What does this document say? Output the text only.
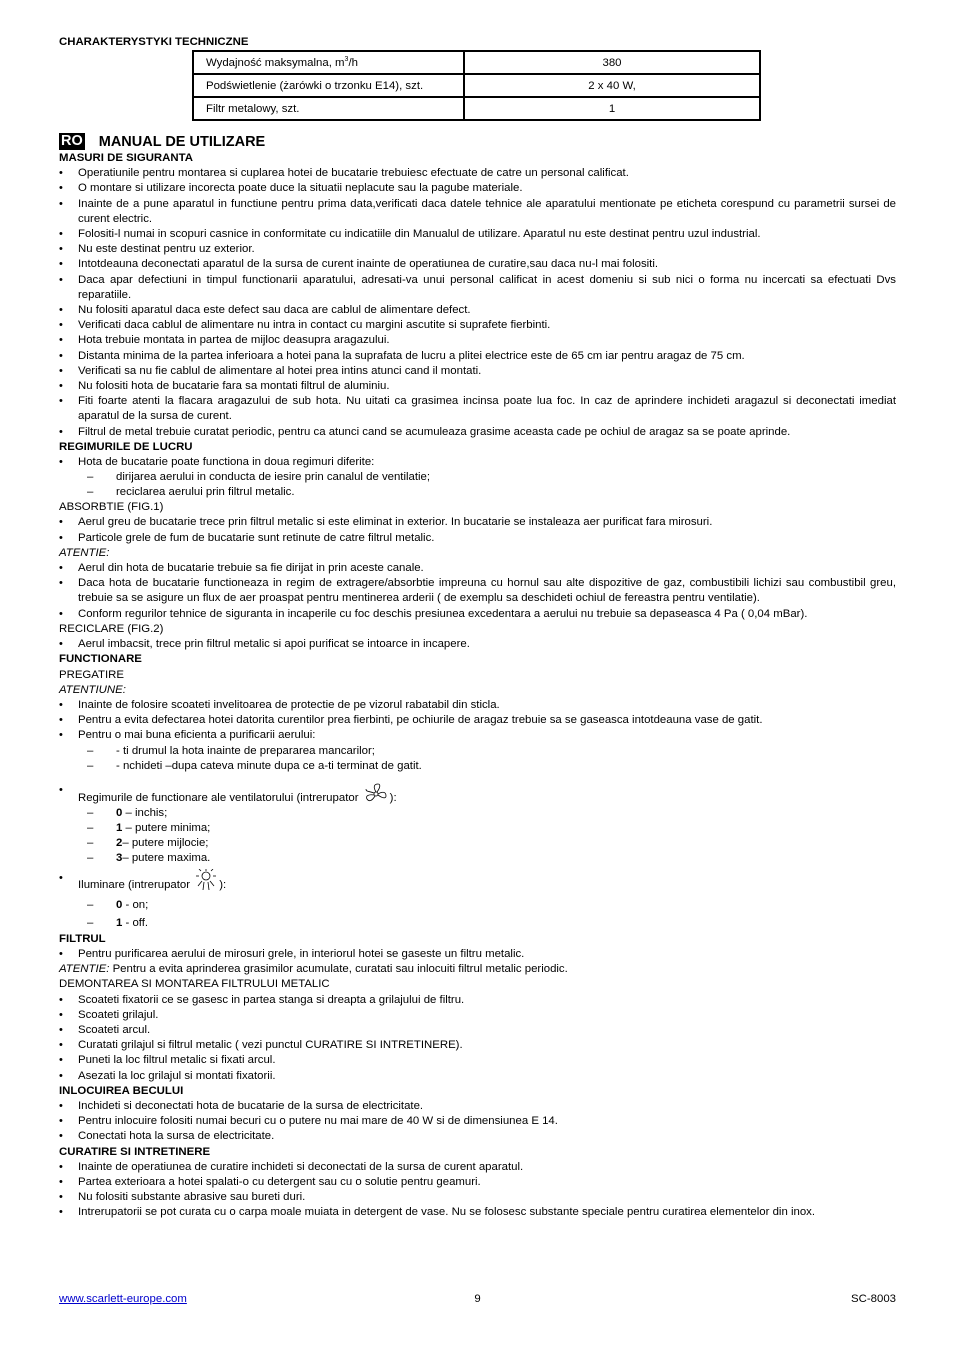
CHARAKTERYSTYKI TECHNICZNE
Wydajność maksymalna, $m^3/h$	380
Podświetlenie (żarówki o trzonku E14), szt.	2 x 40 W,
Filtr metalowy, szt.	1
RO MANUAL DE UTILIZARE
MASURI DE SIGURANTA
• Operatiunile pentru montarea si cuplarea hotei de bucatarie trebuiesc efectuate de catre un personal calificat.
• O montare si utilizare incorecta poate duce la situatii neplacute sau la pagube materiale.
• Inainte de a pune aparatul in functiune pentru prima data,verificati daca datele tehnice ale aparatului mentionate pe eticheta corespund cu parametrii sursei de curent electric.
• Folositi-l numai in scopuri casnice in conformitate cu indicatiile din Manualul de utilizare. Aparatul nu este destinat pentru uzul industrial.
• Nu este destinat pentru uz exterior.
• Intotdeauna deconectati aparatul de la sursa de curent inainte de operatiunea de curatire,sau daca nu-l mai folositi.
• Daca apar defectiuni in timpul functionarii aparatului, adresati-va unui personal calificat in acest domeniu si sub nici o forma nu incercati sa efectuati Dvs reparatiile.
• Nu folositi aparatul daca este defect sau daca are cablul de alimentare defect.
• Verificati daca cablul de alimentare nu intra in contact cu margini ascutite si suprafete fierbinti.
• Hota trebuie montata in partea de mijloc deasupra aragazului.
• Distanta minima de la partea inferioara a hotei pana la suprafata de lucru a plitei electrice este de 65 cm iar pentru aragaz de 75 cm.
• Verificati sa nu fie cablul de alimentare al hotei prea intins atunci cand il montati.
• Nu folositi hota de bucatarie fara sa montati filtrul de aluminiu.
• Fiti foarte atenti la flacara aragazului de sub hota. Nu uitati ca grasimea incinsa poate lua foc. In caz de aprindere inchideti aragazul si deconectati imediat aparatul de la sursa de curent.
• Filtrul de metal trebuie curatat periodic, pentru ca atunci cand se acumuleaza grasime aceasta cade pe ochiul de aragaz sa se poate aprinde.
REGIMURILE DE LUCRU
• Hota de bucatarie poate functiona in doua regimuri diferite:
– dirijarea aerului in conducta de iesire prin canalul de ventilatie;
– reciclarea aerului prin filtrul metalic.
ABSORBTIE (FIG.1)
• Aerul greu de bucatarie trece prin filtrul metalic si este eliminat in exterior. In bucatarie se instaleaza aer purificat fara mirosuri.
• Particole grele de fum de bucatarie sunt retinute de catre filtrul metalic.
ATENTIE:
• Aerul din hota de bucatarie trebuie sa fie dirijat in prin aceste canale.
• Daca hota de bucatarie functioneaza in regim de extragere/absorbtie impreuna cu hornul sau alte dispozitive de gaz, combustibili lichizi sau combustibil greu, trebuie sa se asigure un flux de aer proaspat pentru mentinerea arderii ( de exemplu sa deschideti ochiul de fereastra pentru ventilatie).
• Conform regurilor tehnice de siguranta in incaperile cu foc deschis presiunea excedentara a aerului nu trebuie sa depaseasca 4 Pa ( 0,04 mBar).
RECICLARE (FIG.2)
• Aerul imbacsit, trece prin filtrul metalic si apoi purificat se intoarce in incapere.
FUNCTIONARE
PREGATIRE
ATENTIUNE:
• Inainte de folosire scoateti invelitoarea de protectie de pe vizorul rabatabil din sticla.
• Pentru a evita defectarea hotei datorita curentilor prea fierbinti, pe ochiurile de aragaz trebuie sa se gaseasca intotdeauna vase de gatit.
• Pentru o mai buna eficienta a purificarii aerului:
– - ti drumul la hota inainte de prepararea mancarilor;
– - nchideti –dupa cateva minute dupa ce a-ti terminat de gatit.
• Regimurile de functionare ale ventilatorului (intrerupator ):
– 0 – inchis;
– 1 – putere minima;
– 2– putere mijlocie;
– 3– putere maxima.
• Iluminare (intrerupator ):
– 0 - on;
– 1 - off.
FILTRUL
• Pentru purificarea aerului de mirosuri grele, in interiorul hotei se gaseste un filtru metalic.
ATENTIE: Pentru a evita aprinderea grasimilor acumulate, curatati sau inlocuiti filtrul metalic periodic.
DEMONTAREA SI MONTAREA FILTRULUI METALIC
• Scoateti fixatorii ce se gasesc in partea stanga si dreapta a grilajului de filtru.
• Scoateti grilajul.
• Scoateti arcul.
• Curatati grilajul si filtrul metalic ( vezi punctul CURATIRE SI INTRETINERE).
• Puneti la loc filtrul metalic si fixati arcul.
• Asezati la loc grilajul si montati fixatorii.
INLOCUIREA BECULUI
• Inchideti si deconectati hota de bucatarie de la sursa de electricitate.
• Pentru inlocuire folositi numai becuri cu o putere nu mai mare de 40 W si de dimensiunea E 14.
• Conectati hota la sursa de electricitate.
CURATIRE SI INTRETINERE
• Inainte de operatiunea de curatire inchideti si deconectati de la sursa de curent aparatul.
• Partea exterioara a hotei spalati-o cu detergent sau cu o solutie pentru geamuri.
• Nu folositi substante abrasive sau bureti duri.
• Intrerupatorii se pot curata cu o carpa moale muiata in detergent de vase. Nu se folosesc substante speciale pentru curatirea elementelor din inox.
9
www.scarlett-europe.com	SC-8003
